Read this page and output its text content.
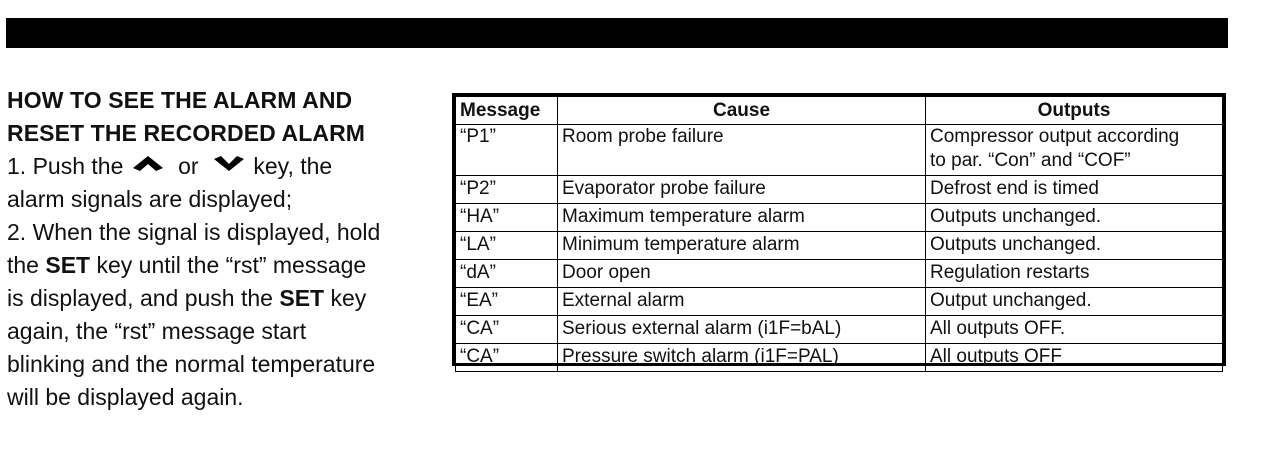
3.   ALARM SIGNALS

HOW TO SEE THE ALARM AND
RESET THE RECORDED ALARM
1. Push the or key, the
alarm signals are displayed;
2. When the signal is displayed, hold
the SET key until the “rst” message
is displayed, and push the SET key
again, the “rst” message start
blinking and the normal temperature
will be displayed again.
Message	Cause	Outputs
“P1”	Room probe failure	Compressor output according
to par. “Con” and “COF”
“P2”	Evaporator probe failure	Defrost end is timed
“HA”	Maximum temperature alarm	Outputs unchanged.
“LA”	Minimum temperature alarm	Outputs unchanged.
“dA”	Door open	Regulation restarts
“EA”	External alarm	Output unchanged.
“CA”	Serious external alarm (i1F=bAL)	All outputs OFF.
“CA”	Pressure switch alarm (i1F=PAL)	All outputs OFF
